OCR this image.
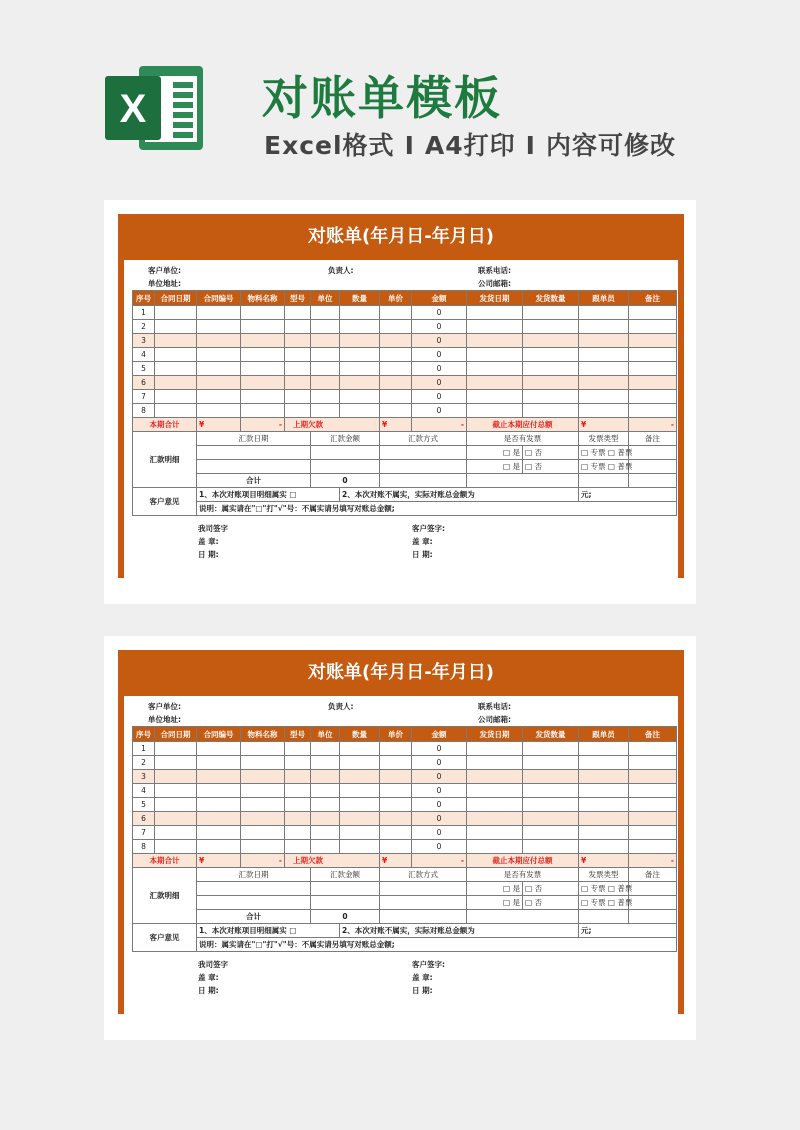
X	对账单模板

Excel格式 I A4打印 I 内容可修改

对账单(年月日-年月日)
客户单位:	负责人:	联系电话:
单位地址:	公司邮箱:
序号	合同日期	合同编号	物料名称	型号	单位	数量	单价	金额	发货日期	发货数量	跟单员	备注
1								0				
2								0				
3								0				
4								0				
5								0				
6								0				
7								0				
8								0				
本期合计		¥	-	上期欠款			¥	-	截止本期应付总额		¥	-
汇款明细		汇款日期			汇款金额		汇款方式		是否有发票		发票类型	备注
									□ 是	□ 否	□ 专票 □ 普票	
									□ 是	□ 否	□ 专票 □ 普票	
		合计			0							
客户意见		1、本次对账项目明细属实 □				2、本次对账不属实，实际对账总金额为					元;	
		说明：属实请在"□"打"√"号：不属实请另填写对账总金额;										
我司签字
盖 章:
日 期:
客户签字:
盖 章:
日 期:
对账单(年月日-年月日)
客户单位:	负责人:	联系电话:
单位地址:	公司邮箱:
序号	合同日期	合同编号	物料名称	型号	单位	数量	单价	金额	发货日期	发货数量	跟单员	备注
1								0				
2								0				
3								0				
4								0				
5								0				
6								0				
7								0				
8								0				
本期合计		¥	-	上期欠款			¥	-	截止本期应付总额		¥	-
汇款明细		汇款日期			汇款金额		汇款方式		是否有发票		发票类型	备注
									□ 是	□ 否	□ 专票 □ 普票	
									□ 是	□ 否	□ 专票 □ 普票	
		合计			0							
客户意见		1、本次对账项目明细属实 □				2、本次对账不属实，实际对账总金额为					元;	
		说明：属实请在"□"打"√"号：不属实请另填写对账总金额;										
我司签字
盖 章:
日 期:
客户签字:
盖 章:
日 期:
